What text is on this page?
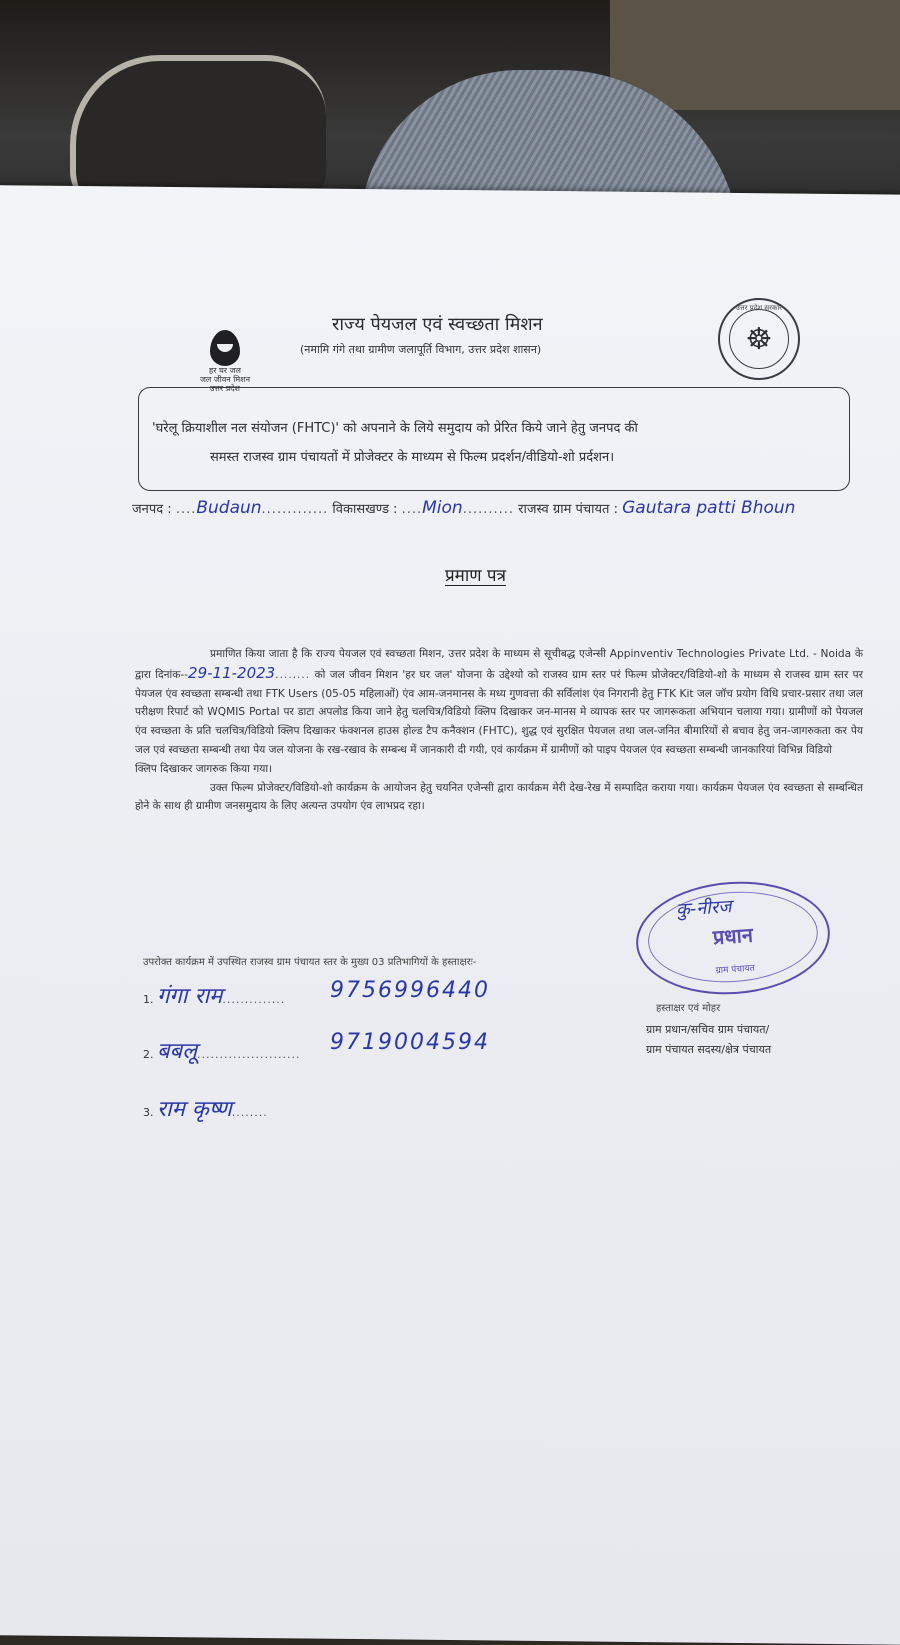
हर घर जल
जल जीवन मिशन
उत्तर प्रदेश
उत्तर प्रदेश सरकार
☸
राज्य पेयजल एवं स्वच्छता मिशन
(नमामि गंगे तथा ग्रामीण जलापूर्ति विभाग, उत्तर प्रदेश शासन)
'घरेलू क्रियाशील नल संयोजन (FHTC)' को अपनाने के लिये समुदाय को प्रेरित किये जाने हेतु जनपद की
समस्त राजस्व ग्राम पंचायतों में प्रोजेक्टर के माध्यम से फिल्म प्रदर्शन/वीडियो-शो प्रर्दशन।
जनपद : ....Budaun............. विकासखण्ड : ....Mion.......... राजस्व ग्राम पंचायत : Gautara patti Bhoun
प्रमाण पत्र

प्रमाणित किया जाता है कि राज्य पेयजल एवं स्वच्छता मिशन, उत्तर प्रदेश के माध्यम से सूचीबद्ध एजेन्सी Appinventiv Technologies Private Ltd. - Noida के द्वारा दिनांक--29-11-2023........ को जल जीवन मिशन 'हर घर जल' योजना के उद्देश्यो को राजस्व ग्राम स्तर परं फिल्म प्रोजेक्टर/विडियो-शो के माध्यम से राजस्व ग्राम स्तर पर पेयजल एंव स्वच्छता सम्बन्धी तथा FTK Users (05-05 महिलाओं) एंव आम-जनमानस के मध्य गुणवत्ता की सर्विलांश एंव निगरानी हेतु FTK Kit जल जॉच प्रयोग विधि प्रचार-प्रसार तथा जल परीक्षण रिपार्ट को WQMIS Portal पर डाटा अपलोड किया जाने हेतु चलचित्र/विडियो क्लिप दिखाकर जन-मानस मे व्यापक स्तर पर जागरूकता अभियान चलाया गया। ग्रामीणों को पेयजल एंव स्वच्छता के प्रति चलचित्र/विडियो क्लिप दिखाकर फंक्शनल हाउस होल्ड टैप कनैक्शन (FHTC), शुद्ध एवं सुरक्षित पेयजल तथा जल-जनित बीमारियों से बचाव हेतु जन-जागरुकता कर पेय जल एवं स्वच्छता सम्बन्धी तथा पेय जल योजना के रख-रखाव के सम्बन्ध में जानकारी दी गयी, एवं कार्यक्रम में ग्रामीणों को पाइप पेयजल एंव स्वच्छता सम्बन्धी जानकारियां विभिन्न विडियो

क्लिप दिखाकर जागरुक किया गया।

उक्त फिल्म प्रोजेक्टर/विडियो-शो कार्यक्रम के आयोजन हेतु चयनित एजेन्सी द्वारा कार्यक्रम मेरी देख-रेख में सम्पादित कराया गया। कार्यक्रम पेयजल एंव स्वच्छता से सम्बन्धित होने के साथ ही ग्रामीण जनसमुदाय के लिए अत्यन्त उपयोग एंव लाभप्रद रहा।

उपरोक्त कार्यक्रम में उपस्थित राजस्व ग्राम पंचायत स्तर के मुख्य 03 प्रतिभागियों के हस्ताक्षरः-
1. गंगा राम.............. 9756996440
2. बबलू....................... 9719004594
3. राम कृष्ण........
कु-नीरज
प्रधान
ग्राम पंचायत
हस्ताक्षर एवं मोहर
ग्राम प्रधान/सचिव ग्राम पंचायत/
ग्राम पंचायत सदस्य/क्षेत्र पंचायत
